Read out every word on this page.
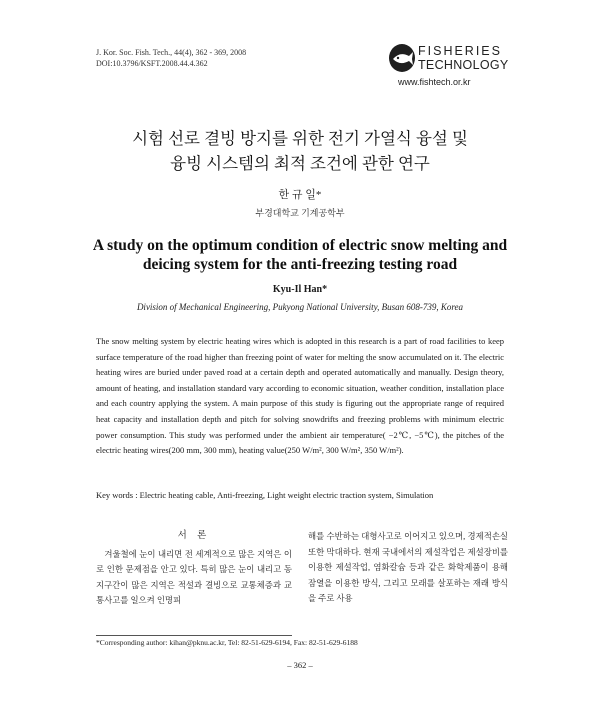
J. Kor. Soc. Fish. Tech., 44(4), 362 - 369, 2008
DOI:10.3796/KSFT.2008.44.4.362
FISHERIES
TECHNOLOGY
www.fishtech.or.kr
시험 선로 결빙 방지를 위한 전기 가열식 융설 및
융빙 시스템의 최적 조건에 관한 연구
한 규 일*
부경대학교 기계공학부
A study on the optimum condition of electric snow melting and
deicing system for the anti-freezing testing road
Kyu-Il Han*
Division of Mechanical Engineering, Pukyong National University, Busan 608-739, Korea
The snow melting system by electric heating wires which is adopted in this research is a part of road facilities to keep surface temperature of the road higher than freezing point of water for melting the snow accumulated on it. The electric heating wires are buried under paved road at a certain depth and operated automatically and manually. Design theory, amount of heating, and installation standard vary according to economic situation, weather condition, installation place and each country applying the system. A main purpose of this study is figuring out the appropriate range of required heat capacity and installation depth and pitch for solving snowdrifts and freezing problems with minimum electric power consumption. This study was performed under the ambient air temperature( −2℃, −5℃), the pitches of the electric heating wires(200 mm, 300 mm), heating value(250 W/m², 300 W/m², 350 W/m²).
Key words : Electric heating cable, Anti-freezing, Light weight electric traction system, Simulation
서 론
겨울철에 눈이 내리면 전 세계적으로 많은 지역은 이로 인한 문제점을 안고 있다. 특히 많은 눈이 내리고 동지구간이 많은 지역은 적설과 결빙으로 교통체증과 교통사고를 일으켜 인명피
해를 수반하는 대형사고로 이어지고 있으며, 경제적손실 또한 막대하다. 현재 국내에서의 제설작업은 제설장비를 이용한 제설작업, 염화칼슘 등과 같은 화학제품이 용해잠열을 이용한 방식, 그리고 모래를 살포하는 재래 방식을 주로 사용
*Corresponding author: kihan@pknu.ac.kr, Tel: 82-51-629-6194, Fax: 82-51-629-6188
– 362 –
